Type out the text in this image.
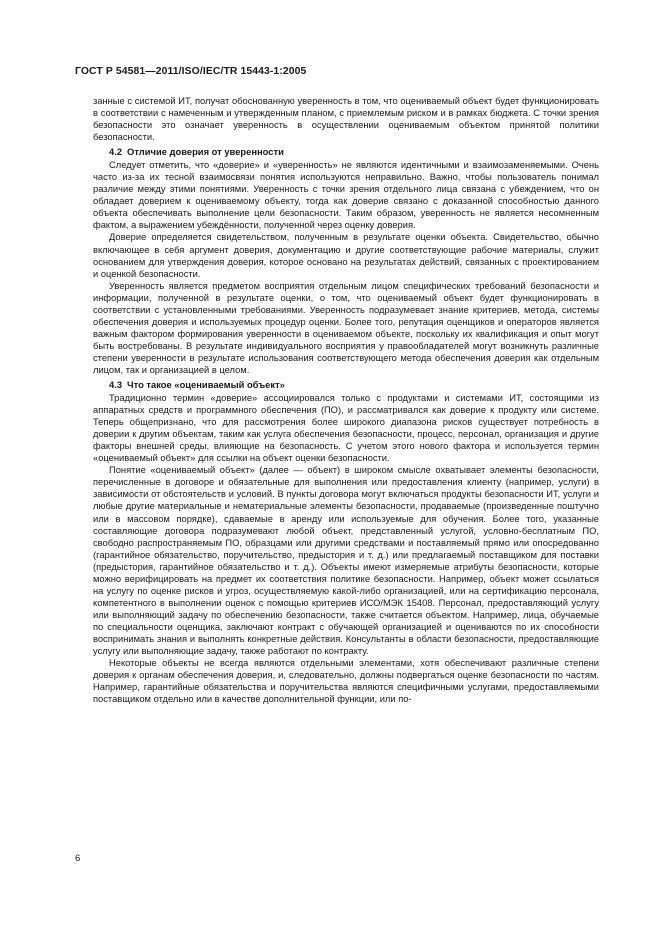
ГОСТ Р 54581—2011/ISO/IEC/TR 15443-1:2005

занные с системой ИТ, получат обоснованную уверенность в том, что оцениваемый объект будет функционировать в соответствии с намеченным и утвержденным планом, с приемлемым риском и в рамках бюджета. С точки зрения безопасности это означает уверенность в осуществлении оцениваемым объектом принятой политики безопасности.

4.2 Отличие доверия от уверенности

Следует отметить, что «доверие» и «уверенность» не являются идентичными и взаимозаменяемыми. Очень часто из-за их тесной взаимосвязи понятия используются неправильно. Важно, чтобы пользователь понимал различие между этими понятиями. Уверенность с точки зрения отдельного лица связана с убеждением, что он обладает доверием к оцениваемому объекту, тогда как доверие связано с доказанной способностью данного объекта обеспечивать выполнение цели безопасности. Таким образом, уверенность не является несомненным фактом, а выражением убеждённости, полученной через оценку доверия.

Доверие определяется свидетельством, полученным в результате оценки объекта. Свидетельство, обычно включающее в себя аргумент доверия, документацию и другие соответствующие рабочие материалы, служит основанием для утверждения доверия, которое основано на результатах действий, связанных с проектированием и оценкой безопасности.

Уверенность является предметом восприятия отдельным лицом специфических требований безопасности и информации, полученной в результате оценки, о том, что оцениваемый объект будет функционировать в соответствии с установленными требованиями. Уверенность подразумевает знание критериев, метода, системы обеспечения доверия и используемых процедур оценки. Более того, репутация оценщиков и операторов является важным фактором формирования уверенности в оцениваемом объекте, поскольку их квалификация и опыт могут быть востребованы. В результате индивидуального восприятия у правообладателей могут возникнуть различные степени уверенности в результате использования соответствующего метода обеспечения доверия как отдельным лицом, так и организацией в целом.

4.3 Что такое «оцениваемый объект»

Традиционно термин «доверие» ассоциировался только с продуктами и системами ИТ, состоящими из аппаратных средств и программного обеспечения (ПО), и рассматривался как доверие к продукту или системе. Теперь общепризнано, что для рассмотрения более широкого диапазона рисков существует потребность в доверии к другим объектам, таким как услуга обеспечения безопасности, процесс, персонал, организация и другие факторы внешней среды, влияющие на безопасность. С учетом этого нового фактора и используется термин «оцениваемый объект» для ссылки на объект оценки безопасности.

Понятие «оцениваемый объект» (далее — объект) в широком смысле охватывает элементы безопасности, перечисленные в договоре и обязательные для выполнения или предоставления клиенту (например, услуги) в зависимости от обстоятельств и условий. В пункты договора могут включаться продукты безопасности ИТ, услуги и любые другие материальные и нематериальные элементы безопасности, продаваемые (произведенные поштучно или в массовом порядке), сдаваемые в аренду или используемые для обучения. Более того, указанные составляющие договора подразумевают любой объект, представленный услугой, условно-бесплатным ПО, свободно распространяемым ПО, образцами или другими средствами и поставляемый прямо или опосредованно (гарантийное обязательство, поручительство, предыстория и т. д.) или предлагаемый поставщиком для поставки (предыстория, гарантийное обязательство и т. д.). Объекты имеют измеряемые атрибуты безопасности, которые можно верифицировать на предмет их соответствия политике безопасности. Например, объект может ссылаться на услугу по оценке рисков и угроз, осуществляемую какой-либо организацией, или на сертификацию персонала, компетентного в выполнении оценок с помощью критериев ИСО/МЭК 15408. Персонал, предоставляющий услугу или выполняющий задачу по обеспечению безопасности, также считается объектом. Например, лица, обучаемые по специальности оценщика, заключают контракт с обучающей организацией и оцениваются по их способности воспринимать знания и выполнять конкретные действия. Консультанты в области безопасности, предоставляющие услугу или выполняющие задачу, также работают по контракту.

Некоторые объекты не всегда являются отдельными элементами, хотя обеспечивают различные степени доверия к органам обеспечения доверия, и, следовательно, должны подвергаться оценке безопасности по частям. Например, гарантийные обязательства и поручительства являются специфичными услугами, предоставляемыми поставщиком отдельно или в качестве дополнительной функции, или по-

6
